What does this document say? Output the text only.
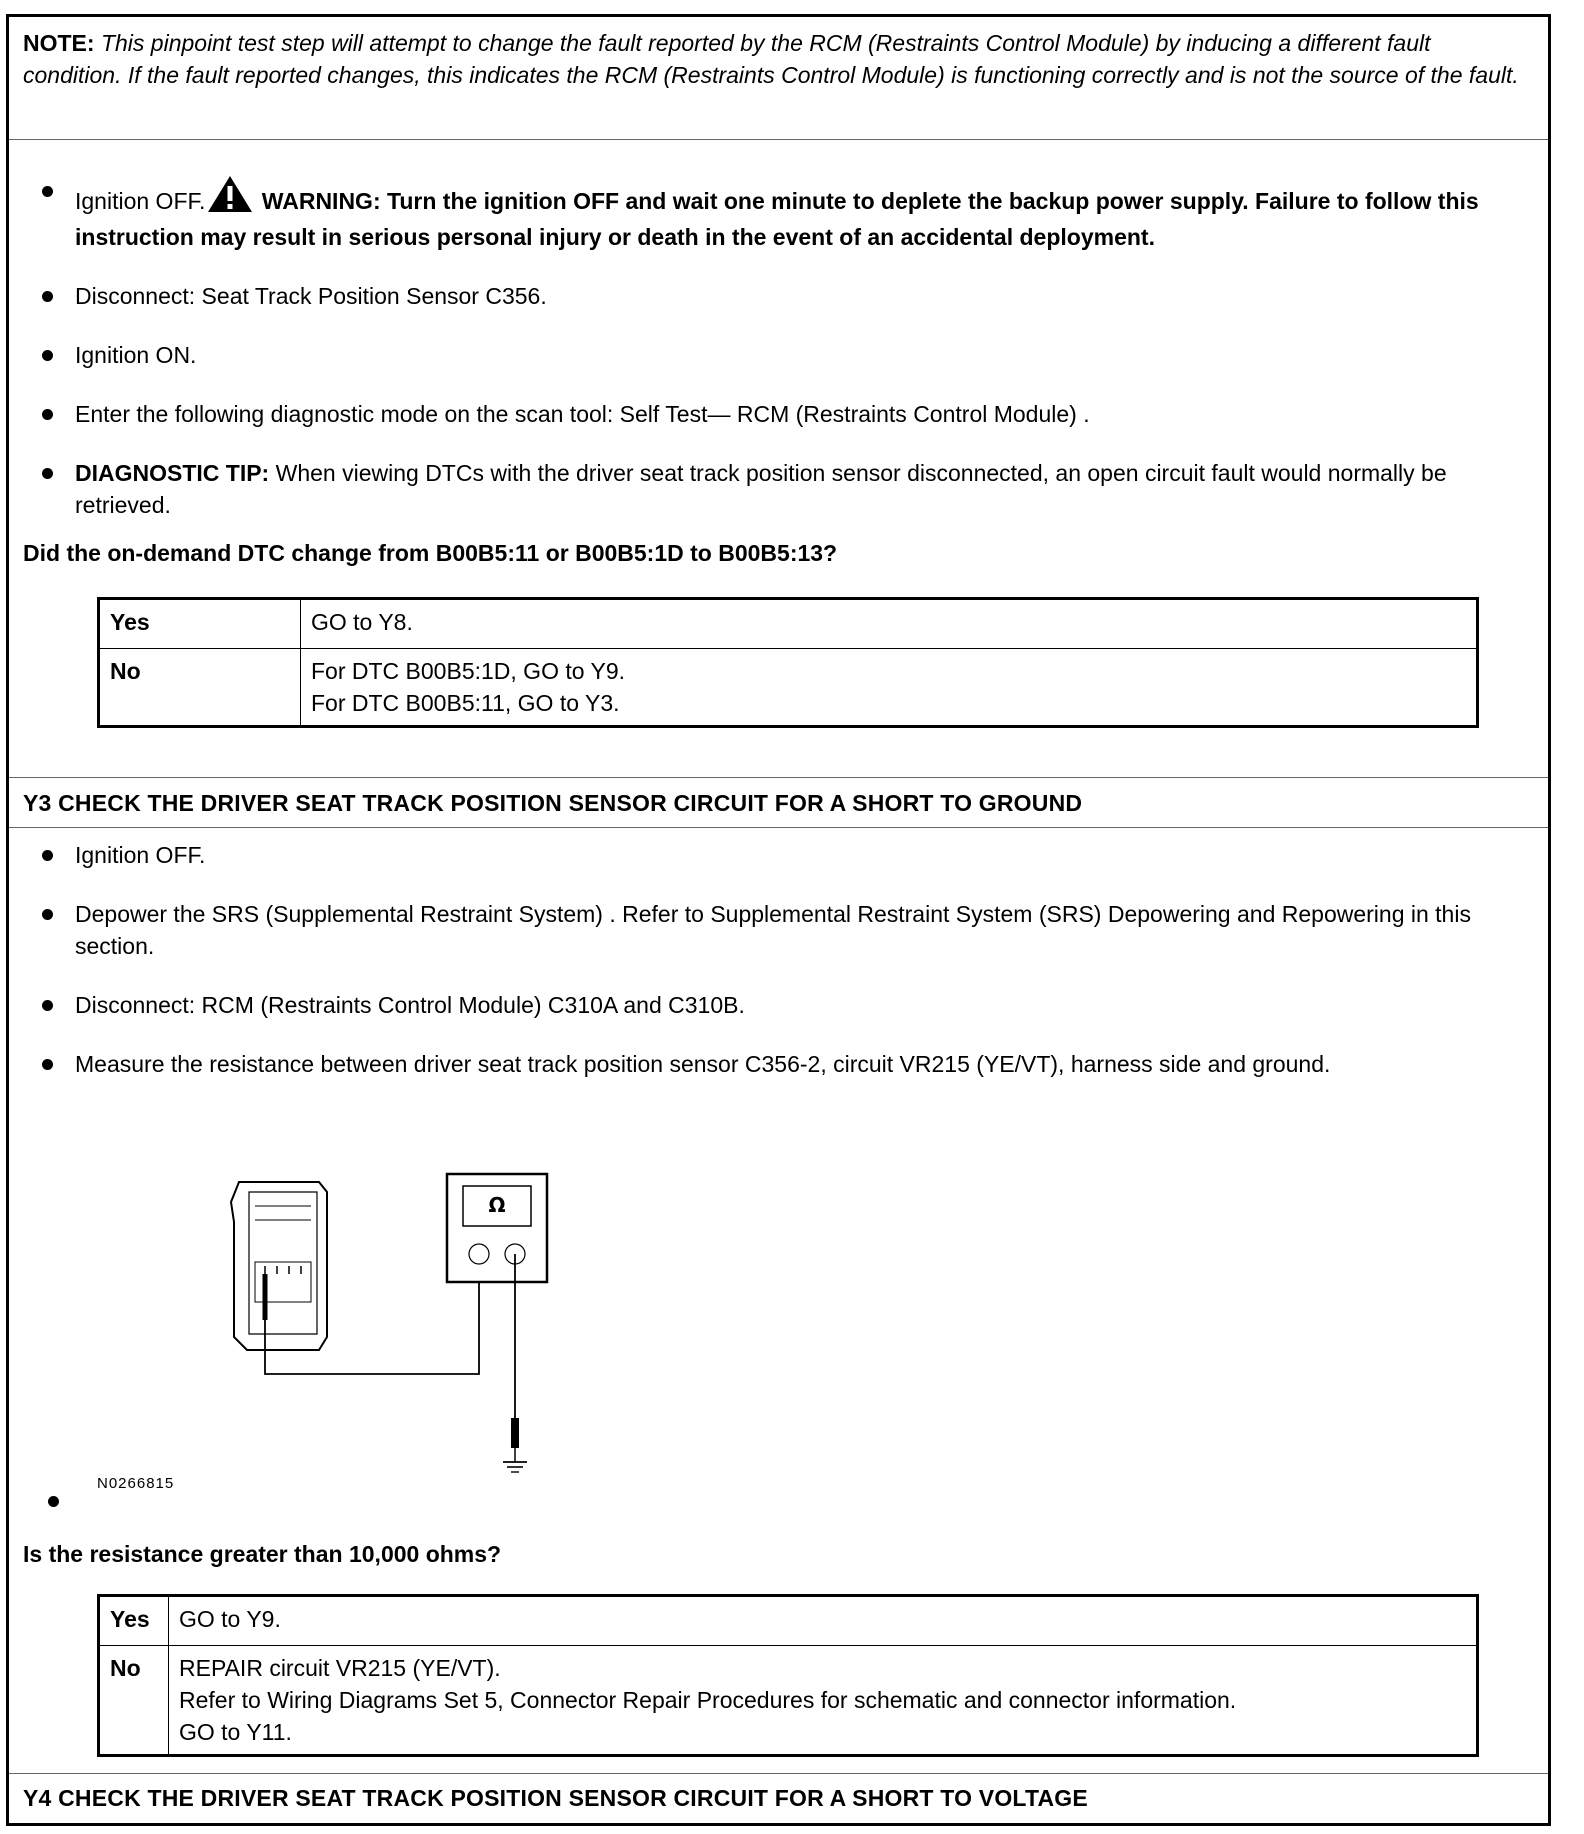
NOTE: This pinpoint test step will attempt to change the fault reported by the RCM (Restraints Control Module) by inducing a different fault condition. If the fault reported changes, this indicates the RCM (Restraints Control Module) is functioning correctly and is not the source of the fault.
Ignition OFF. WARNING: Turn the ignition OFF and wait one minute to deplete the backup power supply. Failure to follow this instruction may result in serious personal injury or death in the event of an accidental deployment.
Disconnect: Seat Track Position Sensor C356.
Ignition ON.
Enter the following diagnostic mode on the scan tool: Self Test— RCM (Restraints Control Module) .
DIAGNOSTIC TIP: When viewing DTCs with the driver seat track position sensor disconnected, an open circuit fault would normally be retrieved.
Did the on-demand DTC change from B00B5:11 or B00B5:1D to B00B5:13?
Yes	GO to Y8.
No	For DTC B00B5:1D, GO to Y9.
For DTC B00B5:11, GO to Y3.
Y3 CHECK THE DRIVER SEAT TRACK POSITION SENSOR CIRCUIT FOR A SHORT TO GROUND
Ignition OFF.
Depower the SRS (Supplemental Restraint System) . Refer to Supplemental Restraint System (SRS) Depowering and Repowering in this section.
Disconnect: RCM (Restraints Control Module) C310A and C310B.
Measure the resistance between driver seat track position sensor C356-2, circuit VR215 (YE/VT), harness side and ground.
Ω
N0266815
Is the resistance greater than 10,000 ohms?
Yes	GO to Y9.
No	REPAIR circuit VR215 (YE/VT).
Refer to Wiring Diagrams Set 5, Connector Repair Procedures for schematic and connector information.
GO to Y11.
Y4 CHECK THE DRIVER SEAT TRACK POSITION SENSOR CIRCUIT FOR A SHORT TO VOLTAGE
